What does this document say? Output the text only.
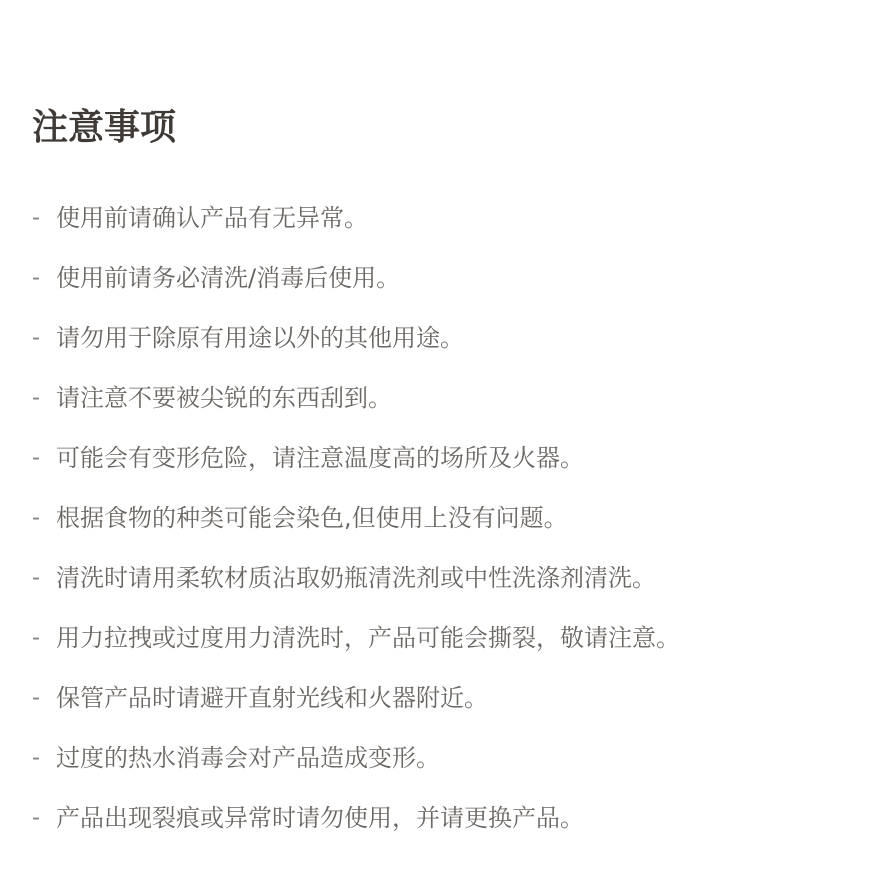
注意事项
- 使用前请确认产品有无异常。
- 使用前请务必清洗/消毒后使用。
- 请勿用于除原有用途以外的其他用途。
- 请注意不要被尖锐的东西刮到。
- 可能会有变形危险，请注意温度高的场所及火器。
- 根据食物的种类可能会染色,但使用上没有问题。
- 清洗时请用柔软材质沾取奶瓶清洗剂或中性洗涤剂清洗。
- 用力拉拽或过度用力清洗时，产品可能会撕裂，敬请注意。
- 保管产品时请避开直射光线和火器附近。
- 过度的热水消毒会对产品造成变形。
- 产品出现裂痕或异常时请勿使用，并请更换产品。
